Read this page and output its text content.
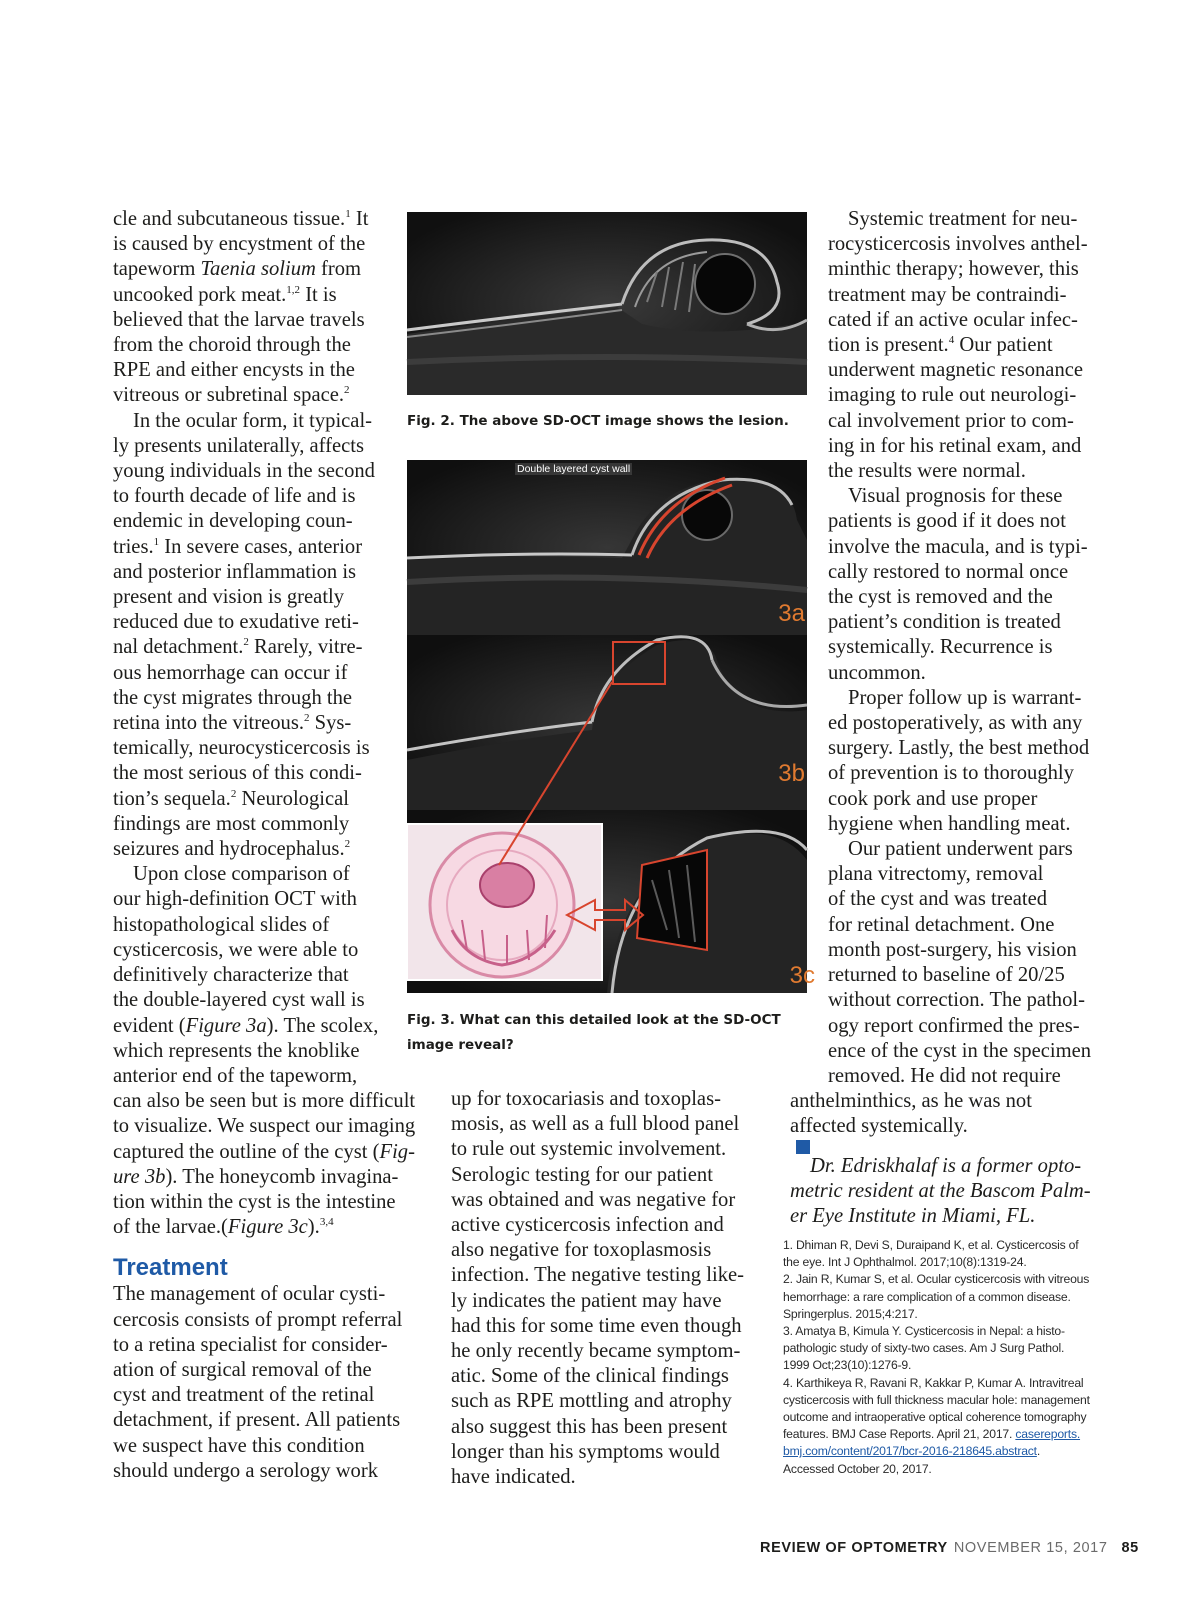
cle and subcutaneous tissue.$^1$ It
is caused by encystment of the
tapeworm Taenia solium from
uncooked pork meat.$^{1,2}$ It is
believed that the larvae travels
from the choroid through the
RPE and either encysts in the
vitreous or subretinal space.$^2$
In the ocular form, it typical-
ly presents unilaterally, affects
young individuals in the second
to fourth decade of life and is
endemic in developing coun-
tries.$^1$ In severe cases, anterior
and posterior inflammation is
present and vision is greatly
reduced due to exudative reti-
nal detachment.$^2$ Rarely, vitre-
ous hemorrhage can occur if
the cyst migrates through the
retina into the vitreous.$^2$ Sys-
temically, neurocysticercosis is
the most serious of this condi-
tion’s sequela.$^2$ Neurological
findings are most commonly
seizures and hydrocephalus.$^2$
Upon close comparison of
our high-definition OCT with
histopathological slides of
cysticercosis, we were able to
definitively characterize that
the double-layered cyst wall is
evident (Figure 3a). The scolex,
which represents the knoblike
anterior end of the tapeworm,
can also be seen but is more difficult
to visualize. We suspect our imaging
captured the outline of the cyst (Fig-
ure 3b). The honeycomb invagina-
tion within the cyst is the intestine
of the larvae.(Figure 3c).$^{3,4}$
Treatment
The management of ocular cysti-
cercosis consists of prompt referral
to a retina specialist for consider-
ation of surgical removal of the
cyst and treatment of the retinal
detachment, if present. All patients
we suspect have this condition
should undergo a serology work
Fig. 2. The above SD-OCT image shows the lesion.
Double layered cyst wall
3a
3b
3c
Fig. 3. What can this detailed look at the SD-OCT
image reveal?
up for toxocariasis and toxoplas-
mosis, as well as a full blood panel
to rule out systemic involvement.
Serologic testing for our patient
was obtained and was negative for
active cysticercosis infection and
also negative for toxoplasmosis
infection. The negative testing like-
ly indicates the patient may have
had this for some time even though
he only recently became symptom-
atic. Some of the clinical findings
such as RPE mottling and atrophy
also suggest this has been present
longer than his symptoms would
have indicated.
Systemic treatment for neu-
rocysticercosis involves anthel-
minthic therapy; however, this
treatment may be contraindi-
cated if an active ocular infec-
tion is present.$^4$ Our patient
underwent magnetic resonance
imaging to rule out neurologi-
cal involvement prior to com-
ing in for his retinal exam, and
the results were normal.
Visual prognosis for these
patients is good if it does not
involve the macula, and is typi-
cally restored to normal once
the cyst is removed and the
patient’s condition is treated
systemically. Recurrence is
uncommon.
Proper follow up is warrant-
ed postoperatively, as with any
surgery. Lastly, the best method
of prevention is to thoroughly
cook pork and use proper
hygiene when handling meat.
Our patient underwent pars
plana vitrectomy, removal
of the cyst and was treated
for retinal detachment. One
month post-surgery, his vision
returned to baseline of 20/25
without correction. The pathol-
ogy report confirmed the pres-
ence of the cyst in the specimen
removed. He did not require
anthelminthics, as he was not
affected systemically.
Dr. Edriskhalaf is a former opto-
metric resident at the Bascom Palm-
er Eye Institute in Miami, FL.
1. Dhiman R, Devi S, Duraipand K, et al. Cysticercosis of
the eye. Int J Ophthalmol. 2017;10(8):1319-24.
2. Jain R, Kumar S, et al. Ocular cysticercosis with vitreous
hemorrhage: a rare complication of a common disease.
Springerplus. 2015;4:217.
3. Amatya B, Kimula Y. Cysticercosis in Nepal: a histo-
pathologic study of sixty-two cases. Am J Surg Pathol.
1999 Oct;23(10):1276-9.
4. Karthikeya R, Ravani R, Kakkar P, Kumar A. Intravitreal
cysticercosis with full thickness macular hole: management
outcome and intraoperative optical coherence tomography
features. BMJ Case Reports. April 21, 2017. casereports.
bmj.com/content/2017/bcr-2016-218645.abstract.
Accessed October 20, 2017.
REVIEW OF OPTOMETRY NOVEMBER 15, 2017 85
